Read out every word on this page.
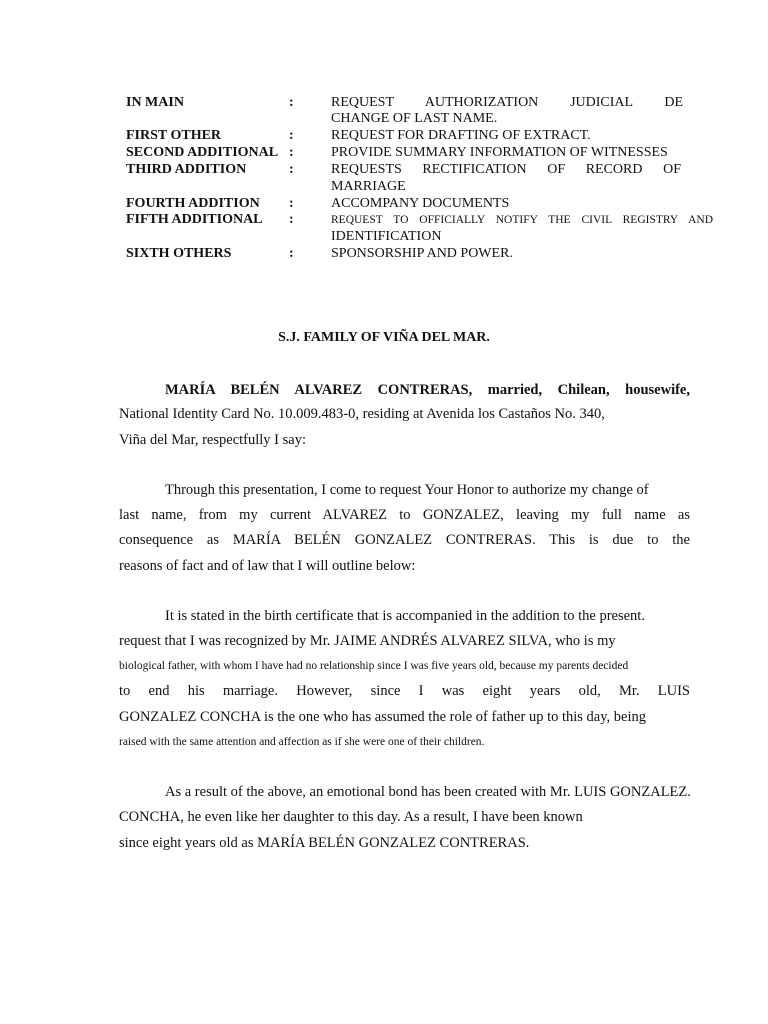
IN MAIN	:	REQUEST AUTHORIZATION JUDICIAL DE
CHANGE OF LAST NAME.
FIRST OTHER	:	REQUEST FOR DRAFTING OF EXTRACT.
SECOND ADDITIONAL :	PROVIDE SUMMARY INFORMATION OF WITNESSES
THIRD ADDITION	:	REQUESTS RECTIFICATION OF RECORD OF
MARRIAGE
FOURTH ADDITION :	ACCOMPANY DOCUMENTS
FIFTH ADDITIONAL :	REQUEST TO OFFICIALLY NOTIFY THE CIVIL REGISTRY AND
IDENTIFICATION
SIXTH OTHERS	:	SPONSORSHIP AND POWER.
S.J. FAMILY OF VIÑA DEL MAR.
MARÍA BELÉN ALVAREZ CONTRERAS, married, Chilean, housewife,
National Identity Card No. 10.009.483-0, residing at Avenida los Castaños No. 340,
Viña del Mar, respectfully I say:
Through this presentation, I come to request Your Honor to authorize my change of
last name, from my current ALVAREZ to GONZALEZ, leaving my full name as
consequence as MARÍA BELÉN GONZALEZ CONTRERAS. This is due to the
reasons of fact and of law that I will outline below:
It is stated in the birth certificate that is accompanied in the addition to the present.
request that I was recognized by Mr. JAIME ANDRÉS ALVAREZ SILVA, who is my
biological father, with whom I have had no relationship since I was five years old, because my parents decided
to end his marriage. However, since I was eight years old, Mr. LUIS
GONZALEZ CONCHA is the one who has assumed the role of father up to this day, being
raised with the same attention and affection as if she were one of their children.
As a result of the above, an emotional bond has been created with Mr. LUIS GONZALEZ.
CONCHA, he even like her daughter to this day. As a result, I have been known
since eight years old as MARÍA BELÉN GONZALEZ CONTRERAS.
